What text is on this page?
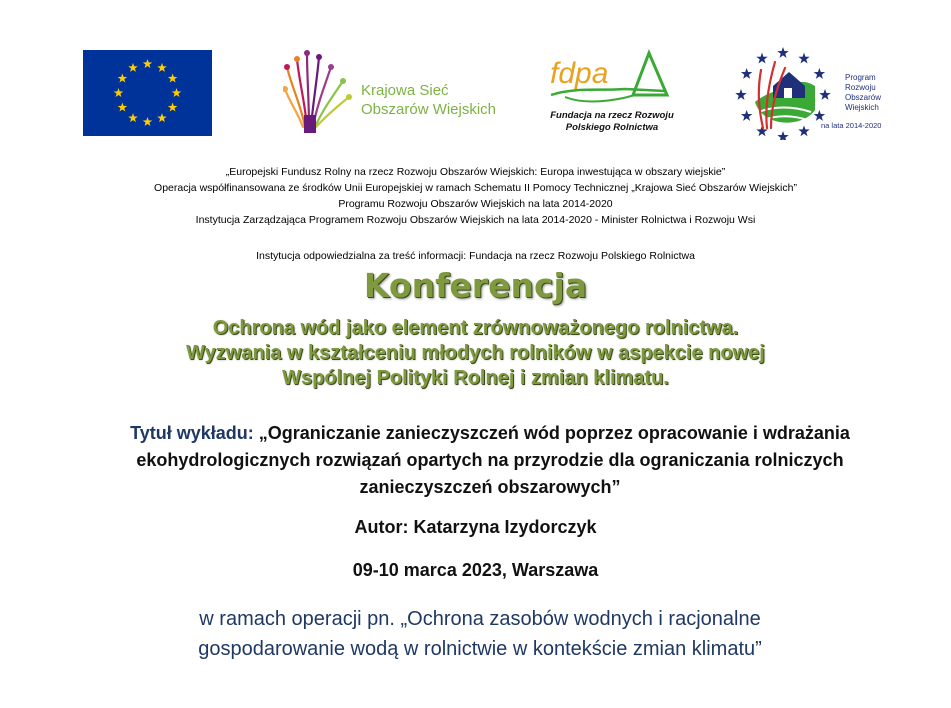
Krajowa Sieć
Obszarów Wiejskich
fdpa
Fundacja na rzecz Rozwoju
Polskiego Rolnictwa
Program
Rozwoju
Obszarów
Wiejskich
na lata 2014-2020
„Europejski Fundusz Rolny na rzecz Rozwoju Obszarów Wiejskich: Europa inwestująca w obszary wiejskie”
Operacja współfinansowana ze środków Unii Europejskiej w ramach Schematu II Pomocy Technicznej „Krajowa Sieć Obszarów Wiejskich”
Programu Rozwoju Obszarów Wiejskich na lata 2014-2020
Instytucja Zarządzająca Programem Rozwoju Obszarów Wiejskich na lata 2014-2020 - Minister Rolnictwa i Rozwoju Wsi
Instytucja odpowiedzialna za treść informacji: Fundacja na rzecz Rozwoju Polskiego Rolnictwa
Konferencja
Ochrona wód jako element zrównoważonego rolnictwa.
Wyzwania w kształceniu młodych rolników w aspekcie nowej
Wspólnej Polityki Rolnej i zmian klimatu.
Tytuł wykładu: „Ograniczanie zanieczyszczeń wód poprzez opracowanie i wdrażania
ekohydrologicznych rozwiązań opartych na przyrodzie dla ograniczania rolniczych
zanieczyszczeń obszarowych”
Autor: Katarzyna Izydorczyk
09-10 marca 2023, Warszawa
w ramach operacji pn. „Ochrona zasobów wodnych i racjonalne
gospodarowanie wodą w rolnictwie w kontekście zmian klimatu”
